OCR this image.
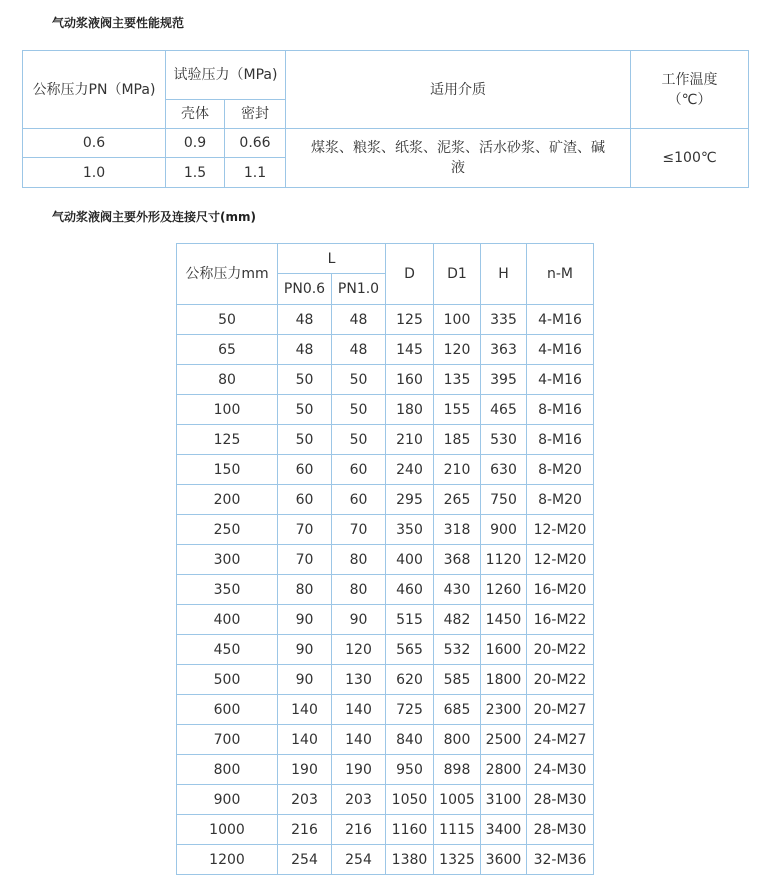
气动浆液阀主要性能规范
公称压力PN（MPa)	试验压力（MPa)		适用介质	工作温度（℃）
	壳体	密封		
0.6	0.9	0.66	煤浆、粮浆、纸浆、泥浆、活水砂浆、矿渣、碱液	≤100℃
1.0	1.5	1.1		
气动浆液阀主要外形及连接尺寸(mm)
公称压力mm	L		D	D1	H	n-M
	PN0.6	PN1.0				
50	48	48	125	100	335	4-M16
65	48	48	145	120	363	4-M16
80	50	50	160	135	395	4-M16
100	50	50	180	155	465	8-M16
125	50	50	210	185	530	8-M16
150	60	60	240	210	630	8-M20
200	60	60	295	265	750	8-M20
250	70	70	350	318	900	12-M20
300	70	80	400	368	1120	12-M20
350	80	80	460	430	1260	16-M20
400	90	90	515	482	1450	16-M22
450	90	120	565	532	1600	20-M22
500	90	130	620	585	1800	20-M22
600	140	140	725	685	2300	20-M27
700	140	140	840	800	2500	24-M27
800	190	190	950	898	2800	24-M30
900	203	203	1050	1005	3100	28-M30
1000	216	216	1160	1115	3400	28-M30
1200	254	254	1380	1325	3600	32-M36
